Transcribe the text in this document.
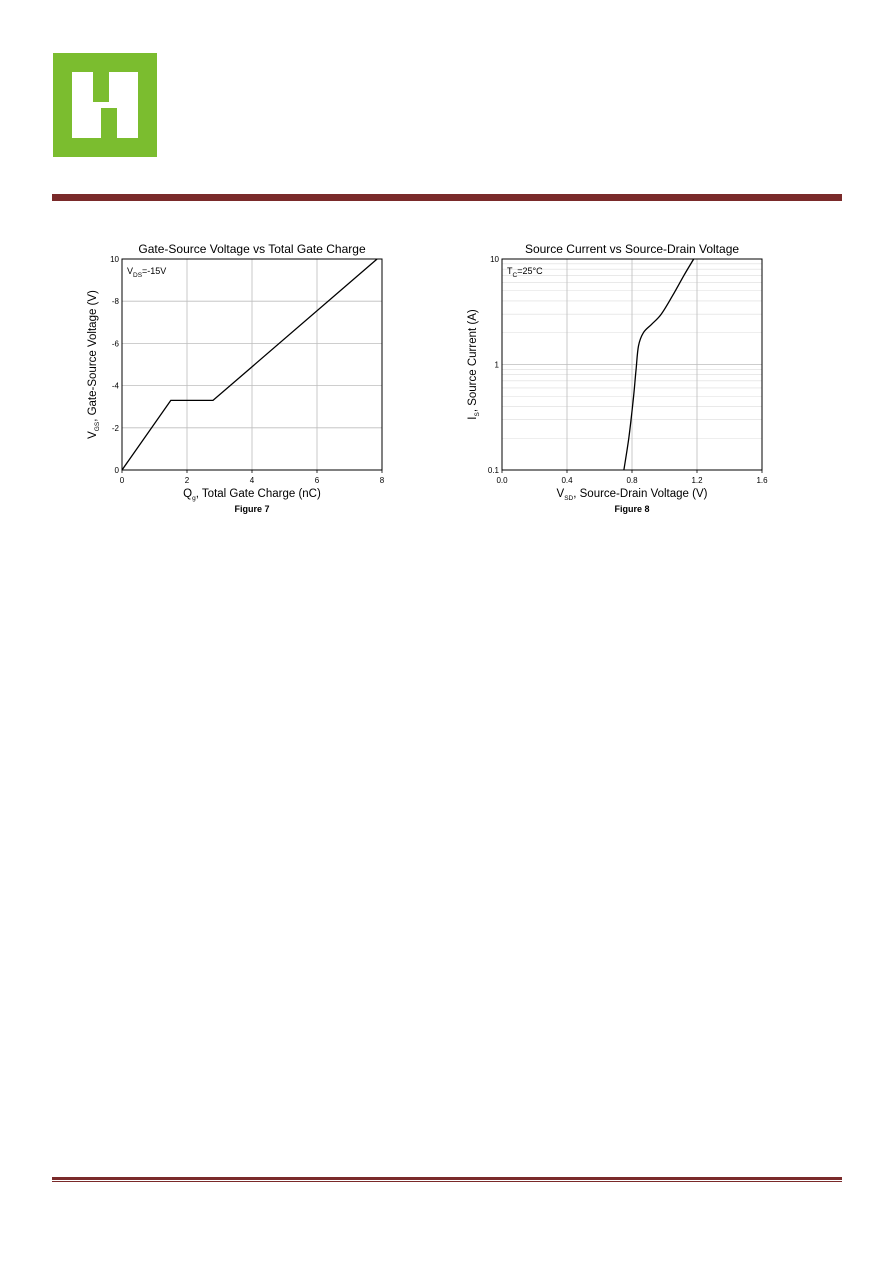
Gate-Source Voltage vs Total Gate Charge
0	2	4	6	8
0
-2
-4
-6
-8
10
$Q_g$, Total Gate Charge (nC)
$V_{GS}$, Gate-Source Voltage (V)
$V_{DS}=-15V$
Figure 7
Source Current vs Source-Drain Voltage
0.0	0.4	0.8	1.2	1.6
0.1
1
10
$V_{SD}$, Source-Drain Voltage (V)
$I_S$, Source Current (A)
$T_C=25^\circ C$
Figure 8
